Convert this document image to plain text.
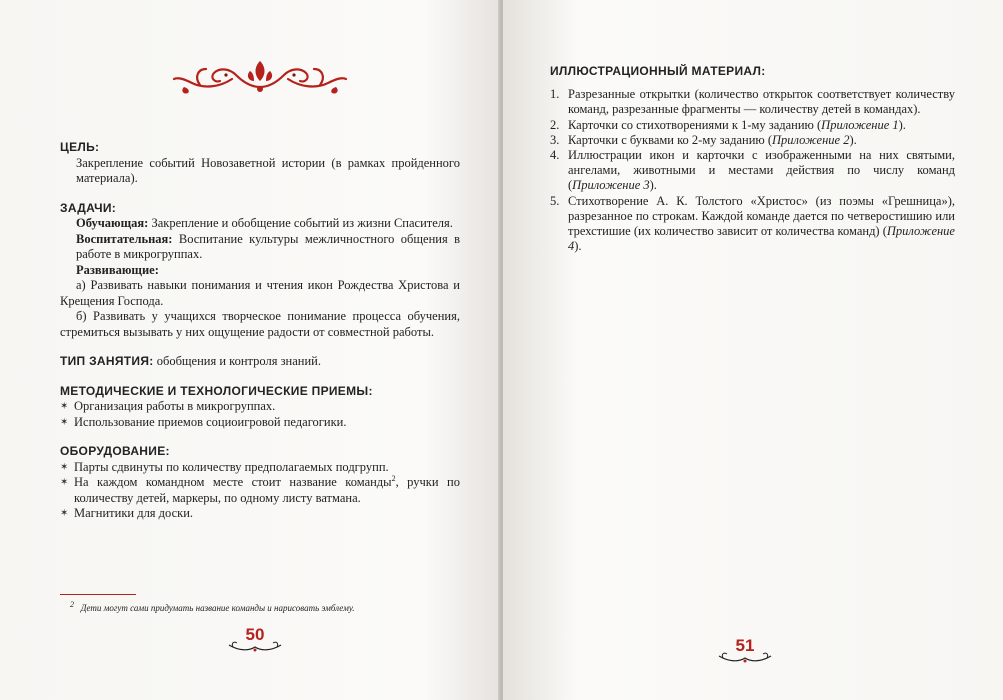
ЦЕЛЬ:

Закрепление событий Новозаветной истории (в рамках пройденного материала).

ЗАДАЧИ:

Обучающая: Закрепление и обобщение событий из жизни Спасителя.

Воспитательная: Воспитание культуры межличностного общения в работе в микрогруппах.

Развивающие:

а) Развивать навыки понимания и чтения икон Рождества Христова и Крещения Господа.

б) Развивать у учащихся творческое понимание процесса обучения, стремиться вызывать у них ощущение радости от совместной работы.

ТИП ЗАНЯТИЯ: обобщения и контроля знаний.

МЕТОДИЧЕСКИЕ И ТЕХНОЛОГИЧЕСКИЕ ПРИЕМЫ:

✶ Организация работы в микрогруппах.
✶ Использование приемов социоигровой педагогики.

ОБОРУДОВАНИЕ:

✶ Парты сдвинуты по количеству предполагаемых подгрупп.
✶ На каждом командном месте стоит название команды$^2$, ручки по количеству детей, маркеры, по одному листу ватмана.
✶ Магнитики для доски.
$^2$ Дети могут сами придумать название команды и нарисовать эмблему.
50

ИЛЛЮСТРАЦИОННЫЙ МАТЕРИАЛ:

1. Разрезанные открытки (количество открыток соответствует количеству команд, разрезанные фрагменты — количеству детей в командах).
2. Карточки со стихотворениями к 1-му заданию (Приложение 1).
3. Карточки с буквами ко 2-му заданию (Приложение 2).
4. Иллюстрации икон и карточки с изображенными на них святыми, ангелами, животными и местами действия по числу команд (Приложение 3).
5. Стихотворение А. К. Толстого «Христос» (из поэмы «Грешница»), разрезанное по строкам. Каждой команде дается по четверостишию или трехстишие (их количество зависит от количества команд) (Приложение 4).
51
